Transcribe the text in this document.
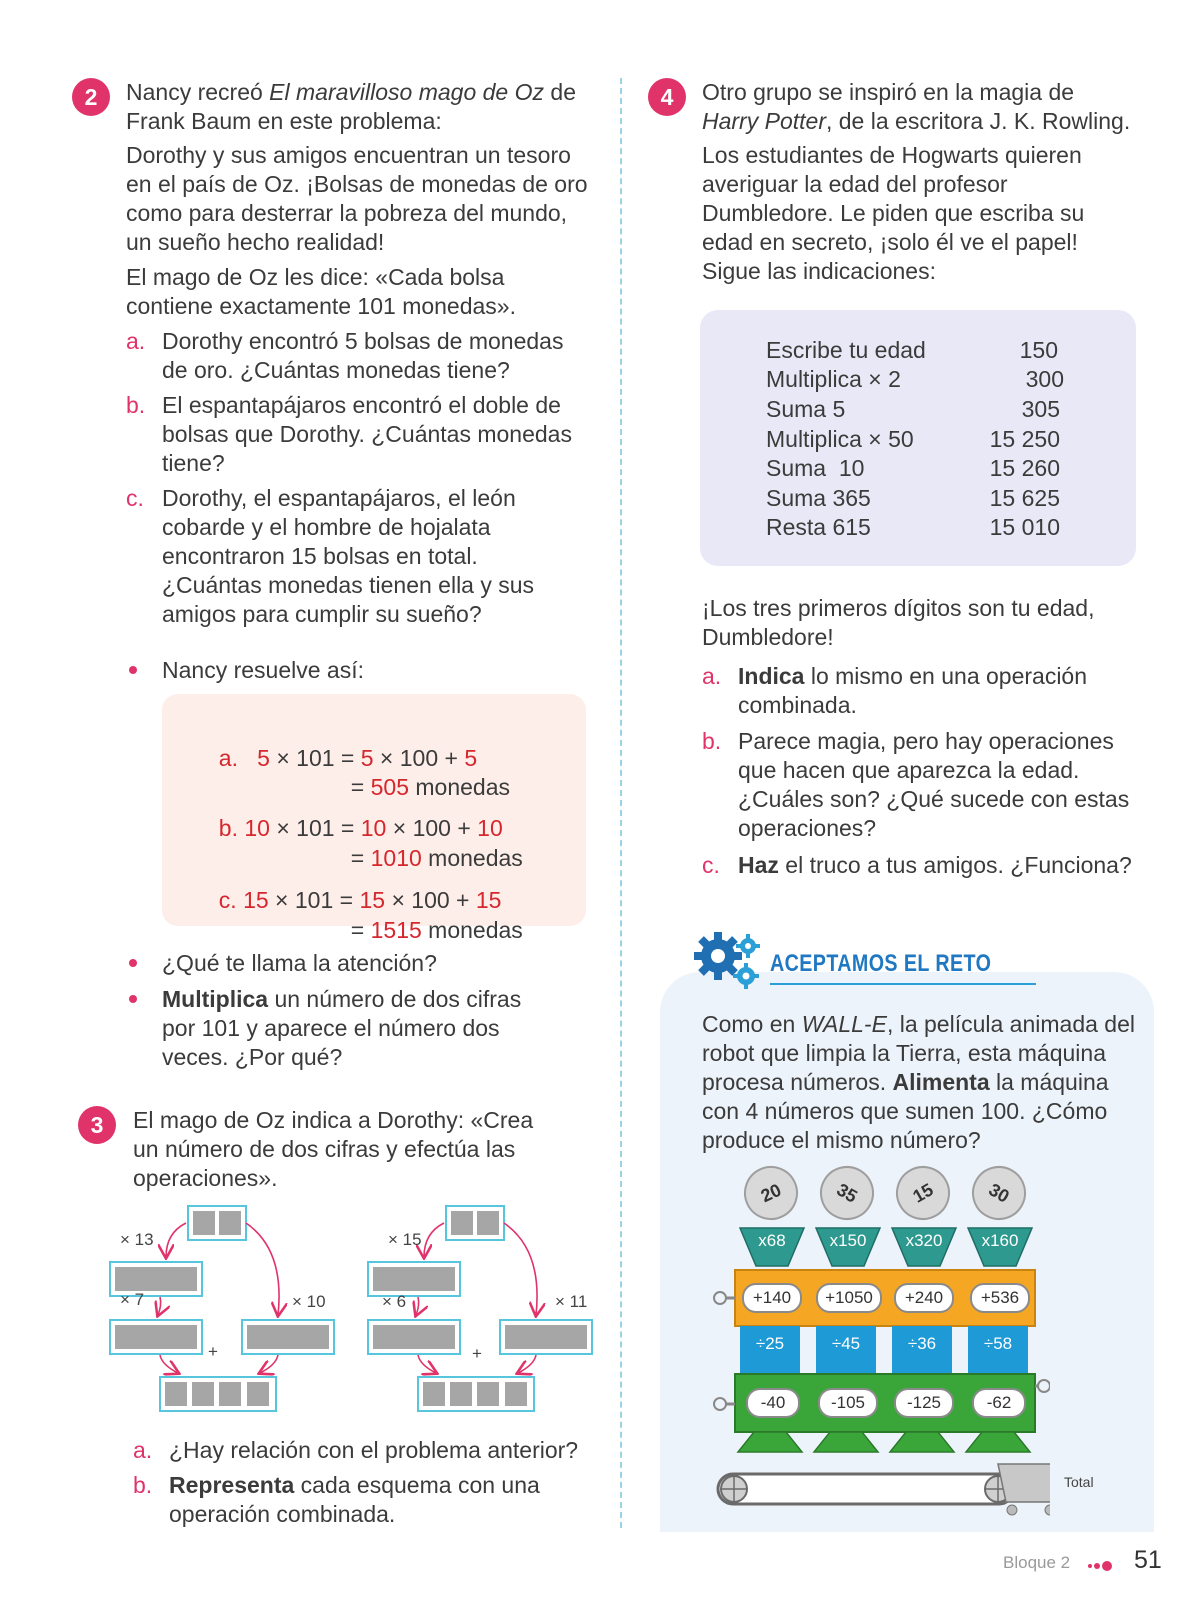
2	Nancy recreó El maravilloso mago de Oz de
Frank Baum en este problema:

Dorothy y sus amigos encuentran un tesoro
en el país de Oz. ¡Bolsas de monedas de oro
como para desterrar la pobreza del mundo,
un sueño hecho realidad!

El mago de Oz les dice: «Cada bolsa
contiene exactamente 101 monedas».

a. Dorothy encontró 5 bolsas de monedas
de oro. ¿Cuántas monedas tiene?
b. El espantapájaros encontró el doble de
bolsas que Dorothy. ¿Cuántas monedas
tiene?
c. Dorothy, el espantapájaros, el león
cobarde y el hombre de hojalata
encontraron 15 bolsas en total.
¿Cuántas monedas tienen ella y sus
amigos para cumplir su sueño?

Nancy resuelve así:

a. 5 × 101 = 5 × 100 + 5

= 505 monedas

b. 10 × 101 = 10 × 100 + 10

= 1010 monedas

c. 15 × 101 = 15 × 100 + 15

= 1515 monedas

¿Qué te llama la atención?

Multiplica un número de dos cifras
por 101 y aparece el número dos
veces. ¿Por qué?

3	El mago de Oz indica a Dorothy: «Crea
un número de dos cifras y efectúa las
operaciones».

× 13
× 7	× 10
+
× 15
× 6	× 11
+
a. ¿Hay relación con el problema anterior?
b. Representa cada esquema con una
operación combinada.
4	Otro grupo se inspiró en la magia de
Harry Potter, de la escritora J. K. Rowling.

Los estudiantes de Hogwarts quieren
averiguar la edad del profesor
Dumbledore. Le piden que escriba su
edad en secreto, ¡solo él ve el papel!
Sigue las indicaciones:

Escribe tu edad	150
Multiplica × 2	300
Suma 5	305
Multiplica × 50	15 250
Suma  10	15 260
Suma 365	15 625
Resta 615	15 010

¡Los tres primeros dígitos son tu edad,
Dumbledore!

a. Indica lo mismo en una operación
combinada.
b. Parece magia, pero hay operaciones
que hacen que aparezca la edad.
¿Cuáles son? ¿Qué sucede con estas
operaciones?
c. Haz el truco a tus amigos. ¿Funciona?
ACEPTAMOS EL RETO

Como en WALL-E, la película animada del
robot que limpia la Tierra, esta máquina
procesa números. Alimenta la máquina
con 4 números que sumen 100. ¿Cómo
produce el mismo número?

20	35	15	30
x68	x150	x320	x160
+140	+1050	+240	+536
÷25	÷45	÷36	÷58
‑40	‑105	‑125	‑62
Total
Bloque 2	51
